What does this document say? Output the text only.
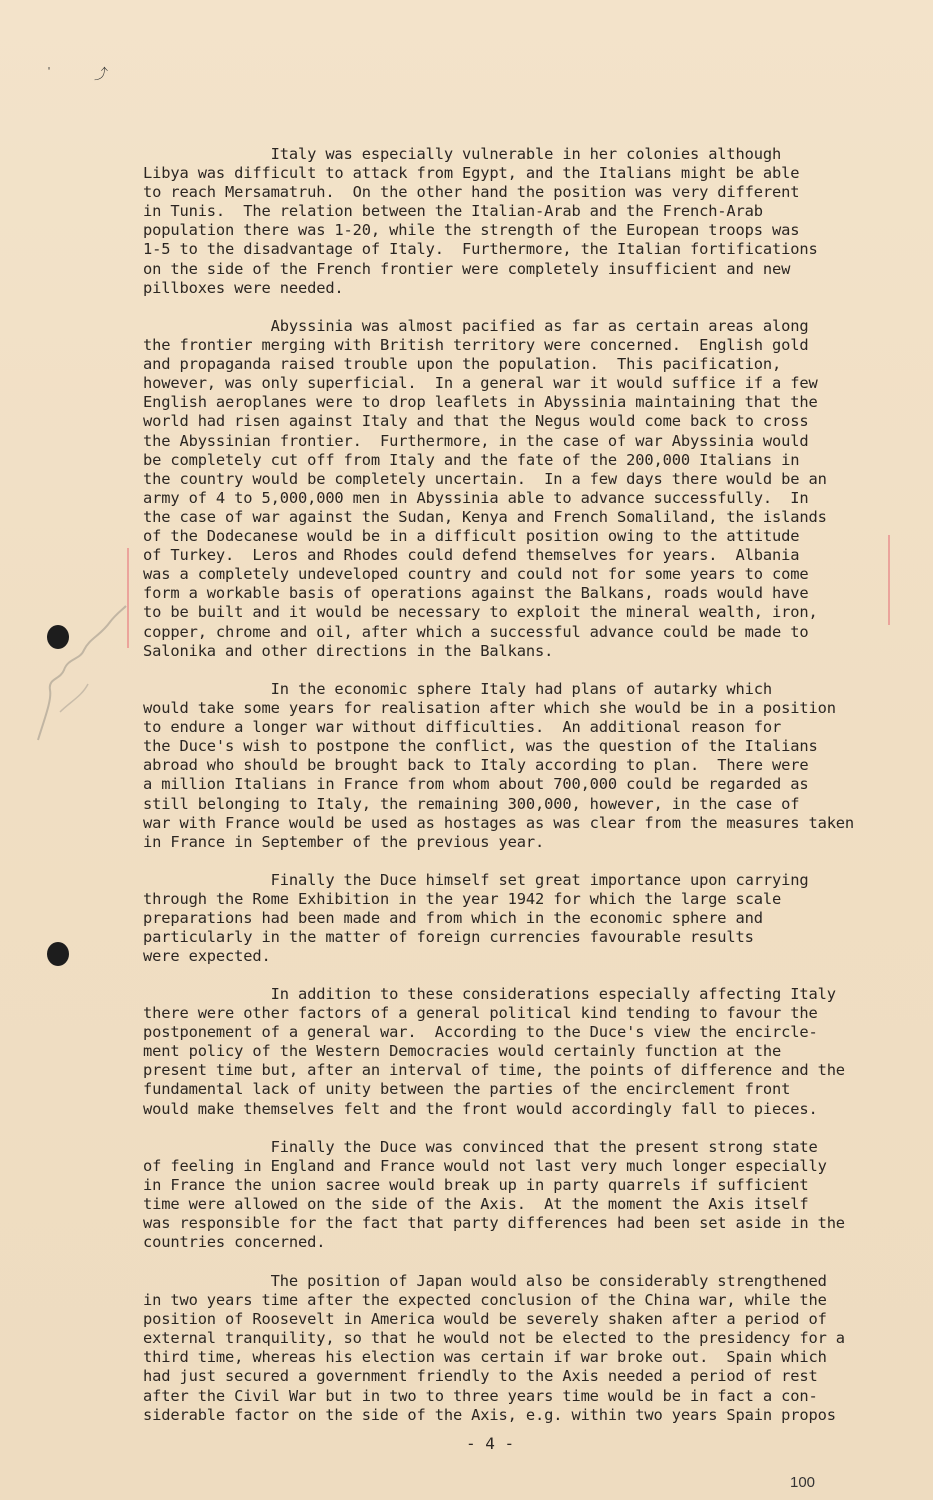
'	⤴
Italy was especially vulnerable in her colonies although
Libya was difficult to attack from Egypt, and the Italians might be able
to reach Mersamatruh.  On the other hand the position was very different
in Tunis.  The relation between the Italian-Arab and the French-Arab
population there was 1-20, while the strength of the European troops was
1-5 to the disadvantage of Italy.  Furthermore, the Italian fortifications
on the side of the French frontier were completely insufficient and new
pillboxes were needed.
Abyssinia was almost pacified as far as certain areas along
the frontier merging with British territory were concerned.  English gold
and propaganda raised trouble upon the population.  This pacification,
however, was only superficial.  In a general war it would suffice if a few
English aeroplanes were to drop leaflets in Abyssinia maintaining that the
world had risen against Italy and that the Negus would come back to cross
the Abyssinian frontier.  Furthermore, in the case of war Abyssinia would
be completely cut off from Italy and the fate of the 200,000 Italians in
the country would be completely uncertain.  In a few days there would be an
army of 4 to 5,000,000 men in Abyssinia able to advance successfully.  In
the case of war against the Sudan, Kenya and French Somaliland, the islands
of the Dodecanese would be in a difficult position owing to the attitude
of Turkey.  Leros and Rhodes could defend themselves for years.  Albania
was a completely undeveloped country and could not for some years to come
form a workable basis of operations against the Balkans, roads would have
to be built and it would be necessary to exploit the mineral wealth, iron,
copper, chrome and oil, after which a successful advance could be made to
Salonika and other directions in the Balkans.
In the economic sphere Italy had plans of autarky which
would take some years for realisation after which she would be in a position
to endure a longer war without difficulties.  An additional reason for
the Duce's wish to postpone the conflict, was the question of the Italians
abroad who should be brought back to Italy according to plan.  There were
a million Italians in France from whom about 700,000 could be regarded as
still belonging to Italy, the remaining 300,000, however, in the case of
war with France would be used as hostages as was clear from the measures taken
in France in September of the previous year.
Finally the Duce himself set great importance upon carrying
through the Rome Exhibition in the year 1942 for which the large scale
preparations had been made and from which in the economic sphere and
particularly in the matter of foreign currencies favourable results
were expected.
In addition to these considerations especially affecting Italy
there were other factors of a general political kind tending to favour the
postponement of a general war.  According to the Duce's view the encircle-
ment policy of the Western Democracies would certainly function at the
present time but, after an interval of time, the points of difference and the
fundamental lack of unity between the parties of the encirclement front
would make themselves felt and the front would accordingly fall to pieces.
Finally the Duce was convinced that the present strong state
of feeling in England and France would not last very much longer especially
in France the union sacree would break up in party quarrels if sufficient
time were allowed on the side of the Axis.  At the moment the Axis itself
was responsible for the fact that party differences had been set aside in the
countries concerned.
The position of Japan would also be considerably strengthened
in two years time after the expected conclusion of the China war, while the
position of Roosevelt in America would be severely shaken after a period of
external tranquility, so that he would not be elected to the presidency for a
third time, whereas his election was certain if war broke out.  Spain which
had just secured a government friendly to the Axis needed a period of rest
after the Civil War but in two to three years time would be in fact a con-
siderable factor on the side of the Axis, e.g. within two years Spain propos
- 4 -
100
